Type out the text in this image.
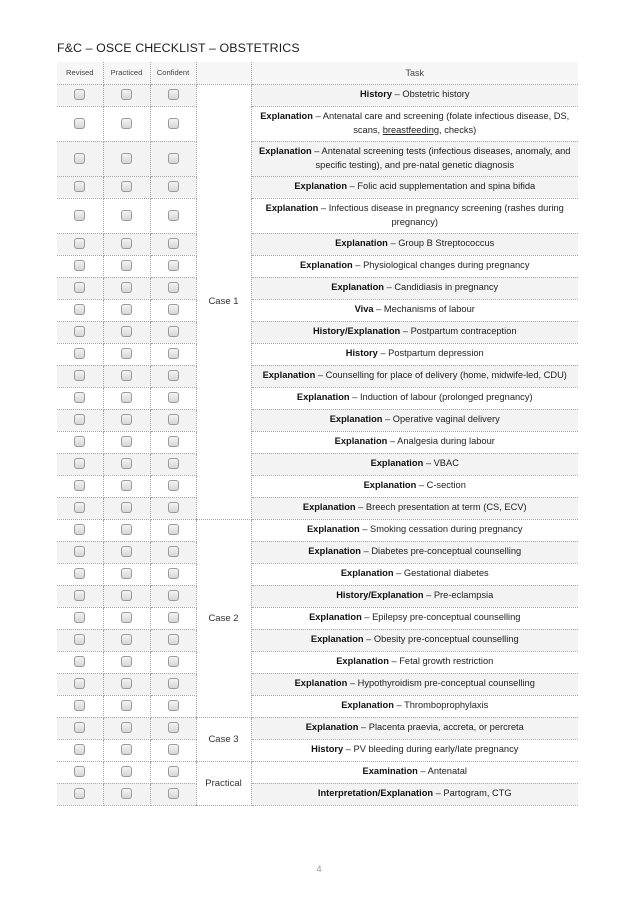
F&C – OSCE CHECKLIST – OBSTETRICS
Revised	Practiced	Confident		Task
			Case 1	History – Obstetric history
				Explanation – Antenatal care and screening (folate infectious disease, DS, scans, breastfeeding, checks)
				Explanation – Antenatal screening tests (infectious diseases, anomaly, and specific testing), and pre-natal genetic diagnosis
				Explanation – Folic acid supplementation and spina bifida
				Explanation – Infectious disease in pregnancy screening (rashes during pregnancy)
				Explanation – Group B Streptococcus
				Explanation – Physiological changes during pregnancy
				Explanation – Candidiasis in pregnancy
				Viva – Mechanisms of labour
				History/Explanation – Postpartum contraception
				History – Postpartum depression
				Explanation – Counselling for place of delivery (home, midwife-led, CDU)
				Explanation – Induction of labour (prolonged pregnancy)
				Explanation – Operative vaginal delivery
				Explanation – Analgesia during labour
				Explanation – VBAC
				Explanation – C-section
				Explanation – Breech presentation at term (CS, ECV)
			Case 2	Explanation – Smoking cessation during pregnancy
				Explanation – Diabetes pre-conceptual counselling
				Explanation – Gestational diabetes
				History/Explanation – Pre-eclampsia
				Explanation – Epilepsy pre-conceptual counselling
				Explanation – Obesity pre-conceptual counselling
				Explanation – Fetal growth restriction
				Explanation – Hypothyroidism pre-conceptual counselling
				Explanation – Thromboprophylaxis
			Case 3	Explanation – Placenta praevia, accreta, or percreta
				History – PV bleeding during early/late pregnancy
			Practical	Examination – Antenatal
				Interpretation/Explanation – Partogram, CTG
4
